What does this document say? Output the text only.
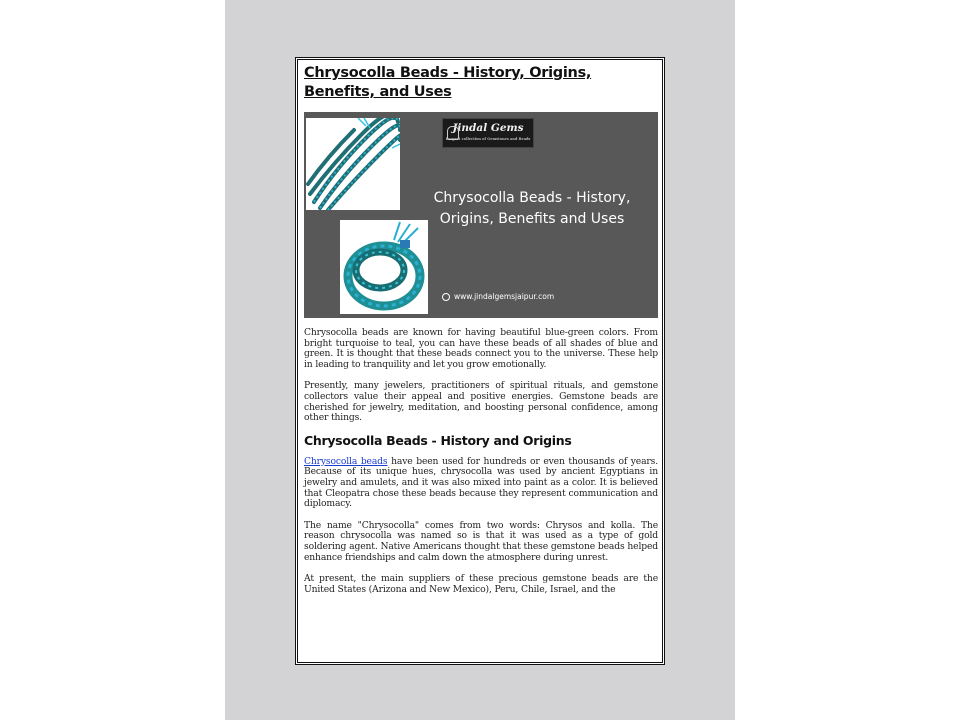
Chrysocolla Beads - History, Origins, Benefits, and Uses
Jindal Gems
Largest collection of Gemstones and Beads
Chrysocolla Beads - History,
Origins, Benefits and Uses
www.jindalgemsjaipur.com

Chrysocolla beads are known for having beautiful blue-green colors. From bright turquoise to teal, you can have these beads of all shades of blue and green. It is thought that these beads connect you to the universe. These help in leading to tranquility and let you grow emotionally.

Presently, many jewelers, practitioners of spiritual rituals, and gemstone collectors value their appeal and positive energies. Gemstone beads are cherished for jewelry, meditation, and boosting personal confidence, among other things.

Chrysocolla Beads - History and Origins

Chrysocolla beads have been used for hundreds or even thousands of years. Because of its unique hues, chrysocolla was used by ancient Egyptians in jewelry and amulets, and it was also mixed into paint as a color. It is believed that Cleopatra chose these beads because they represent communication and diplomacy.

The name "Chrysocolla" comes from two words: Chrysos and kolla. The reason chrysocolla was named so is that it was used as a type of gold soldering agent. Native Americans thought that these gemstone beads helped enhance friendships and calm down the atmosphere during unrest.

At present, the main suppliers of these precious gemstone beads are the United States (Arizona and New Mexico), Peru, Chile, Israel, and the
